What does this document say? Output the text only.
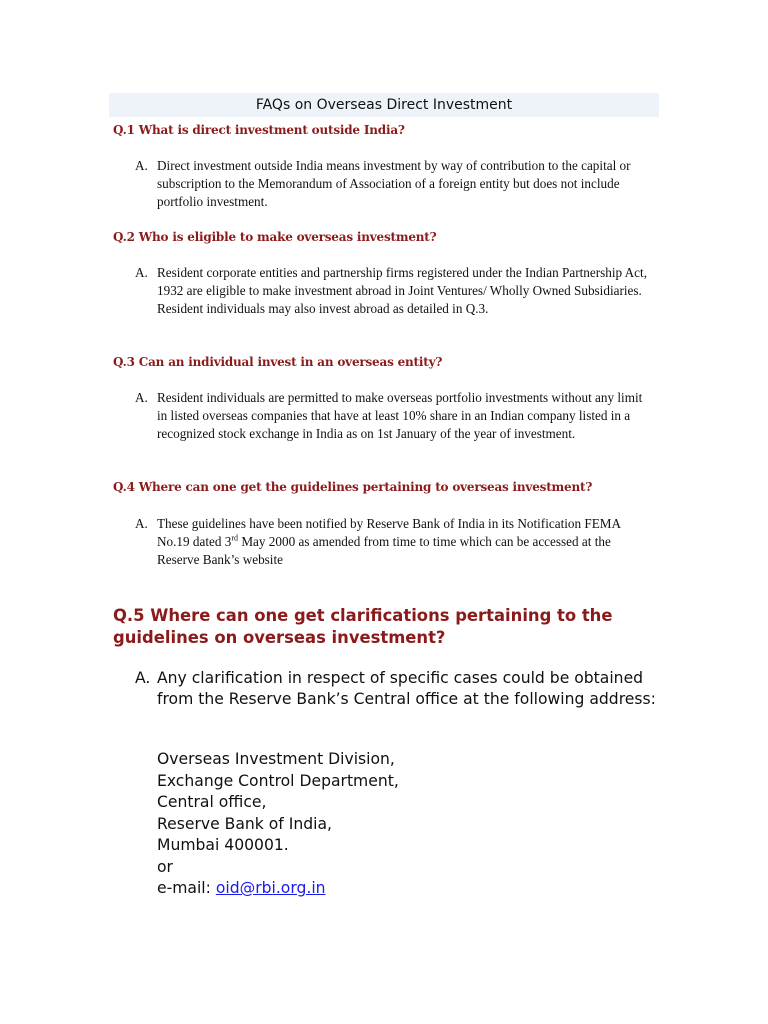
FAQs on Overseas Direct Investment
Q.1 What is direct investment outside India?
A. Direct investment outside India means investment by way of contribution to the capital or subscription to the Memorandum of Association of a foreign entity but does not include portfolio investment.
Q.2 Who is eligible to make overseas investment?
A. Resident corporate entities and partnership firms registered under the Indian Partnership Act, 1932 are eligible to make investment abroad in Joint Ventures/ Wholly Owned Subsidiaries. Resident individuals may also invest abroad as detailed in Q.3.
Q.3 Can an individual invest in an overseas entity?
A. Resident individuals are permitted to make overseas portfolio investments without any limit in listed overseas companies that have at least 10% share in an Indian company listed in a recognized stock exchange in India as on 1st January of the year of investment.
Q.4 Where can one get the guidelines pertaining to overseas investment?
A. These guidelines have been notified by Reserve Bank of India in its Notification FEMA No.19 dated 3rd May 2000 as amended from time to time which can be accessed at the Reserve Bank’s website
Q.5 Where can one get clarifications pertaining to the guidelines on overseas investment?
A. Any clarification in respect of specific cases could be obtained from the Reserve Bank’s Central office at the following address:
Overseas Investment Division,
Exchange Control Department,
Central office,
Reserve Bank of India,
Mumbai 400001.
or
e-mail: oid@rbi.org.in
